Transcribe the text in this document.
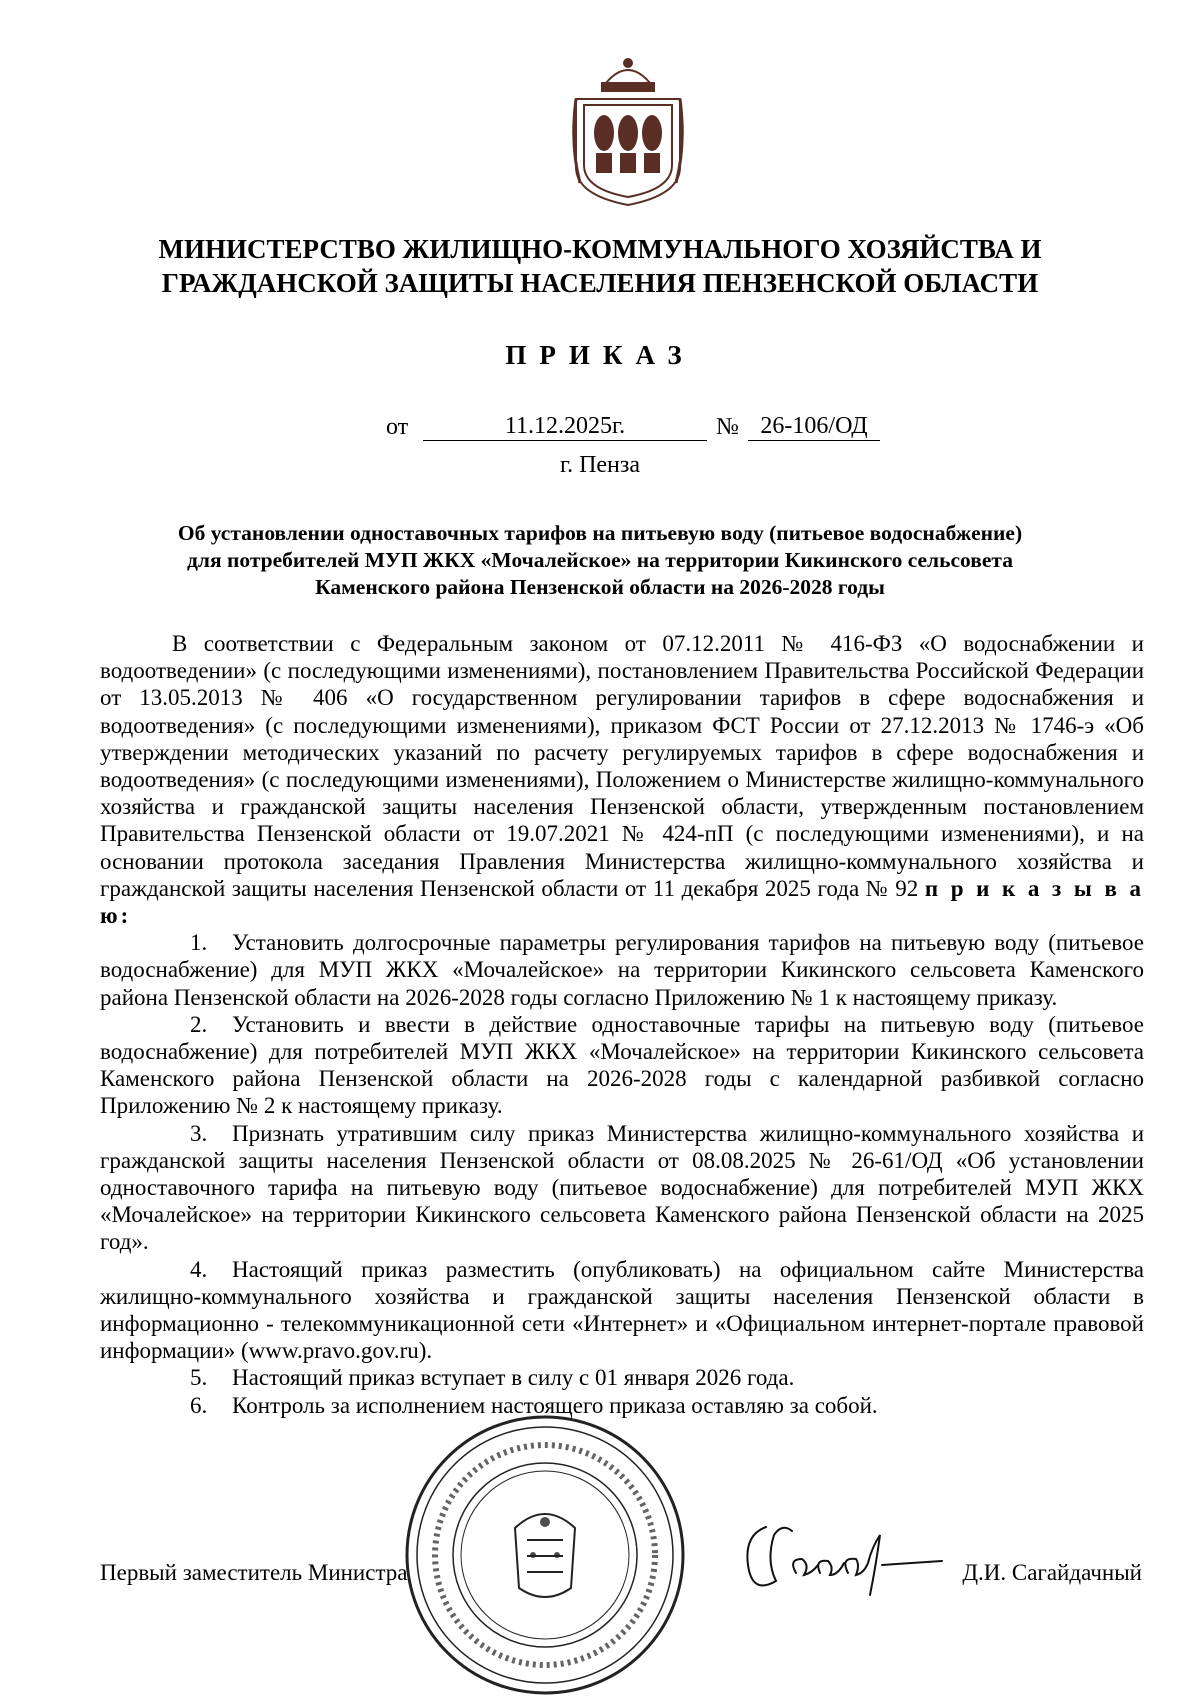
МИНИСТЕРСТВО ЖИЛИЩНО-КОММУНАЛЬНОГО ХОЗЯЙСТВА И
ГРАЖДАНСКОЙ ЗАЩИТЫ НАСЕЛЕНИЯ ПЕНЗЕНСКОЙ ОБЛАСТИ
ПРИКАЗ
от	11.12.2025г.	№ 26-106/ОД
г. Пенза
Об установлении одноставочных тарифов на питьевую воду (питьевое водоснабжение)
для потребителей МУП ЖКХ «Мочалейское» на территории Кикинского сельсовета
Каменского района Пензенской области на 2026-2028 годы

В соответствии с Федеральным законом от 07.12.2011 № 416-ФЗ «О водоснабжении и водоотведении» (с последующими изменениями), постановлением Правительства Российской Федерации от 13.05.2013 № 406 «О государственном регулировании тарифов в сфере водоснабжения и водоотведения» (с последующими изменениями), приказом ФСТ России от 27.12.2013 № 1746-э «Об утверждении методических указаний по расчету регулируемых тарифов в сфере водоснабжения и водоотведения» (с последующими изменениями), Положением о Министерстве жилищно-коммунального хозяйства и гражданской защиты населения Пензенской области, утвержденным постановлением Правительства Пензенской области от 19.07.2021 № 424-пП (с последующими изменениями), и на основании протокола заседания Правления Министерства жилищно-коммунального хозяйства и гражданской защиты населения Пензенской области от 11 декабря 2025 года № 92 п р и к а з ы в а ю:

1. Установить долгосрочные параметры регулирования тарифов на питьевую воду (питьевое водоснабжение) для МУП ЖКХ «Мочалейское» на территории Кикинского сельсовета Каменского района Пензенской области на 2026-2028 годы согласно Приложению № 1 к настоящему приказу.

2. Установить и ввести в действие одноставочные тарифы на питьевую воду (питьевое водоснабжение) для потребителей МУП ЖКХ «Мочалейское» на территории Кикинского сельсовета Каменского района Пензенской области на 2026-2028 годы с календарной разбивкой согласно Приложению № 2 к настоящему приказу.

3. Признать утратившим силу приказ Министерства жилищно-коммунального хозяйства и гражданской защиты населения Пензенской области от 08.08.2025 № 26-61/ОД «Об установлении одноставочного тарифа на питьевую воду (питьевое водоснабжение) для потребителей МУП ЖКХ «Мочалейское» на территории Кикинского сельсовета Каменского района Пензенской области на 2025 год».

4. Настоящий приказ разместить (опубликовать) на официальном сайте Министерства жилищно-коммунального хозяйства и гражданской защиты населения Пензенской области в информационно - телекоммуникационной сети «Интернет» и «Официальном интернет-портале правовой информации» (www.pravo.gov.ru).

5. Настоящий приказ вступает в силу с 01 января 2026 года.

6. Контроль за исполнением настоящего приказа оставляю за собой.

Первый заместитель Министра	Д.И. Сагайдачный
